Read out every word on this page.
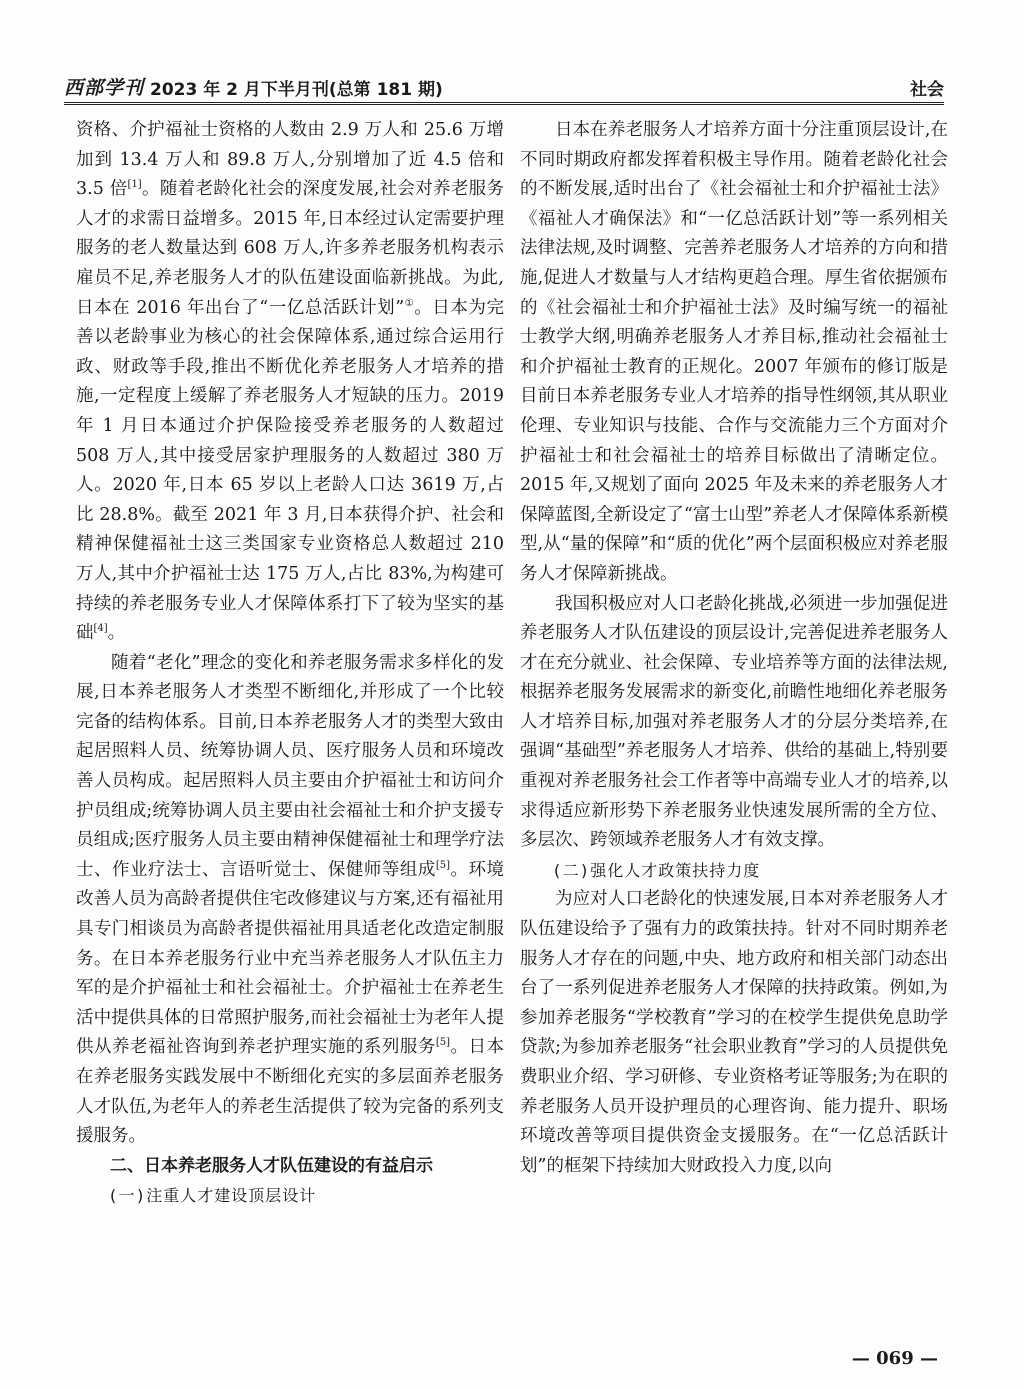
西部学刊 2023 年 2 月下半月刊(总第 181 期)	社会

资格、介护福祉士资格的人数由 2.9 万人和 25.6 万增加到 13.4 万人和 89.8 万人,分别增加了近 4.5 倍和 3.5 倍[1]。随着老龄化社会的深度发展,社会对养老服务人才的求需日益增多。2015 年,日本经过认定需要护理服务的老人数量达到 608 万人,许多养老服务机构表示雇员不足,养老服务人才的队伍建设面临新挑战。为此,日本在 2016 年出台了“一亿总活跃计划”①。日本为完善以老龄事业为核心的社会保障体系,通过综合运用行政、财政等手段,推出不断优化养老服务人才培养的措施,一定程度上缓解了养老服务人才短缺的压力。2019 年 1 月日本通过介护保险接受养老服务的人数超过 508 万人,其中接受居家护理服务的人数超过 380 万人。2020 年,日本 65 岁以上老龄人口达 3619 万,占比 28.8%。截至 2021 年 3 月,日本获得介护、社会和精神保健福祉士这三类国家专业资格总人数超过 210 万人,其中介护福祉士达 175 万人,占比 83%,为构建可持续的养老服务专业人才保障体系打下了较为坚实的基础[4]。

随着“老化”理念的变化和养老服务需求多样化的发展,日本养老服务人才类型不断细化,并形成了一个比较完备的结构体系。目前,日本养老服务人才的类型大致由起居照料人员、统筹协调人员、医疗服务人员和环境改善人员构成。起居照料人员主要由介护福祉士和访问介护员组成;统筹协调人员主要由社会福祉士和介护支援专员组成;医疗服务人员主要由精神保健福祉士和理学疗法士、作业疗法士、言语听觉士、保健师等组成[5]。环境改善人员为高龄者提供住宅改修建议与方案,还有福祉用具专门相谈员为高龄者提供福祉用具适老化改造定制服务。在日本养老服务行业中充当养老服务人才队伍主力军的是介护福祉士和社会福祉士。介护福祉士在养老生活中提供具体的日常照护服务,而社会福祉士为老年人提供从养老福祉咨询到养老护理实施的系列服务[5]。日本在养老服务实践发展中不断细化充实的多层面养老服务人才队伍,为老年人的养老生活提供了较为完备的系列支援服务。

二、日本养老服务人才队伍建设的有益启示

(一)注重人才建设顶层设计

日本在养老服务人才培养方面十分注重顶层设计,在不同时期政府都发挥着积极主导作用。随着老龄化社会的不断发展,适时出台了《社会福祉士和介护福祉士法》《福祉人才确保法》和“一亿总活跃计划”等一系列相关法律法规,及时调整、完善养老服务人才培养的方向和措施,促进人才数量与人才结构更趋合理。厚生省依据颁布的《社会福祉士和介护福祉士法》及时编写统一的福祉士教学大纲,明确养老服务人才养目标,推动社会福祉士和介护福祉士教育的正规化。2007 年颁布的修订版是目前日本养老服务专业人才培养的指导性纲领,其从职业伦理、专业知识与技能、合作与交流能力三个方面对介护福祉士和社会福祉士的培养目标做出了清晰定位。2015 年,又规划了面向 2025 年及未来的养老服务人才保障蓝图,全新设定了“富士山型”养老人才保障体系新模型,从“量的保障”和“质的优化”两个层面积极应对养老服务人才保障新挑战。

我国积极应对人口老龄化挑战,必须进一步加强促进养老服务人才队伍建设的顶层设计,完善促进养老服务人才在充分就业、社会保障、专业培养等方面的法律法规,根据养老服务发展需求的新变化,前瞻性地细化养老服务人才培养目标,加强对养老服务人才的分层分类培养,在强调“基础型”养老服务人才培养、供给的基础上,特别要重视对养老服务社会工作者等中高端专业人才的培养,以求得适应新形势下养老服务业快速发展所需的全方位、多层次、跨领域养老服务人才有效支撑。

(二)强化人才政策扶持力度

为应对人口老龄化的快速发展,日本对养老服务人才队伍建设给予了强有力的政策扶持。针对不同时期养老服务人才存在的问题,中央、地方政府和相关部门动态出台了一系列促进养老服务人才保障的扶持政策。例如,为参加养老服务“学校教育”学习的在校学生提供免息助学贷款;为参加养老服务“社会职业教育”学习的人员提供免费职业介绍、学习研修、专业资格考证等服务;为在职的养老服务人员开设护理员的心理咨询、能力提升、职场环境改善等项目提供资金支援服务。在“一亿总活跃计划”的框架下持续加大财政投入力度,以向

— 069 —
